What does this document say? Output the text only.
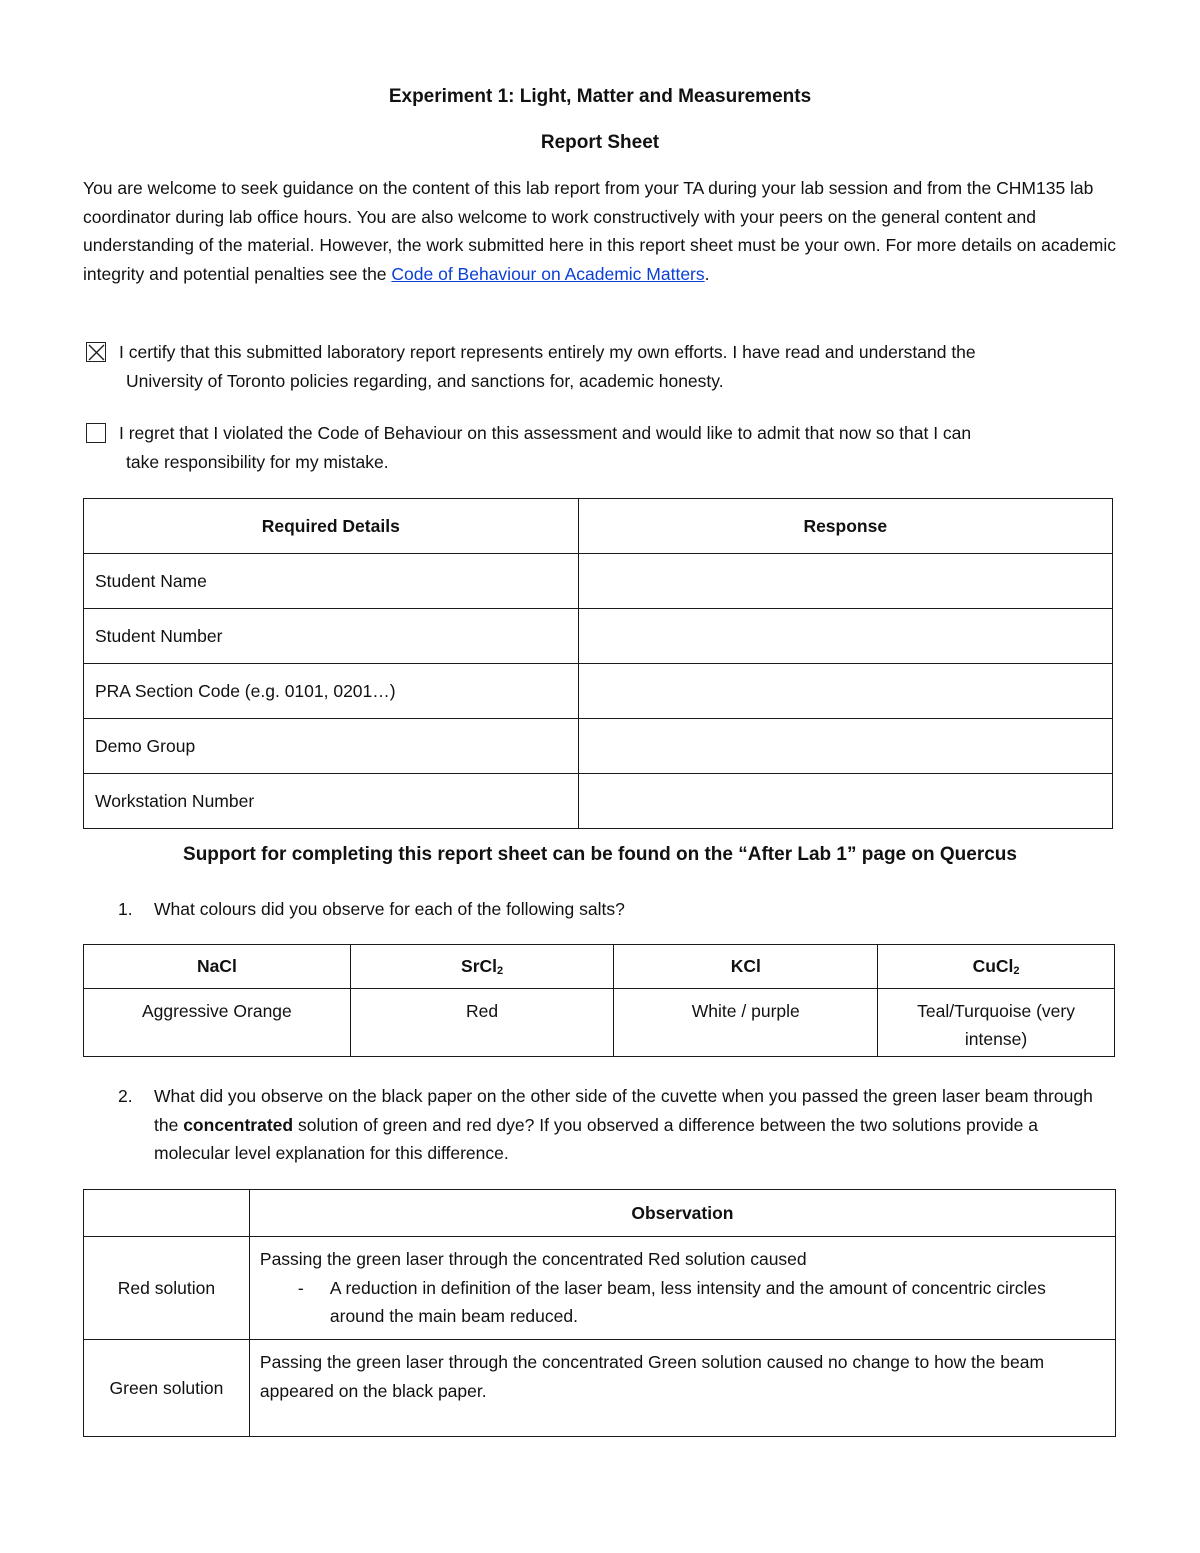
Experiment 1: Light, Matter and Measurements
Report Sheet
You are welcome to seek guidance on the content of this lab report from your TA during your lab session and from the CHM135 lab coordinator during lab office hours. You are also welcome to work constructively with your peers on the general content and understanding of the material. However, the work submitted here in this report sheet must be your own. For more details on academic integrity and potential penalties see the Code of Behaviour on Academic Matters.
I certify that this submitted laboratory report represents entirely my own efforts. I have read and understand the
University of Toronto policies regarding, and sanctions for, academic honesty.
I regret that I violated the Code of Behaviour on this assessment and would like to admit that now so that I can
take responsibility for my mistake.
Required Details	Response
Student Name	
Student Number	
PRA Section Code (e.g. 0101, 0201…)	
Demo Group	
Workstation Number	
Support for completing this report sheet can be found on the “After Lab 1” page on Quercus
1. What colours did you observe for each of the following salts?
NaCl	SrCl$_2$	KCl	CuCl$_2$
Aggressive Orange	Red	White / purple	Teal/Turquoise (very intense)
2. What did you observe on the black paper on the other side of the cuvette when you passed the green laser beam through the concentrated solution of green and red dye? If you observed a difference between the two solutions provide a molecular level explanation for this difference.
	Observation
Red solution	Passing the green laser through the concentrated Red solution caused
- A reduction in definition of the laser beam, less intensity and the amount of concentric circles around the main beam reduced.

Green solution	Passing the green laser through the concentrated Green solution caused no change to how the beam appeared on the black paper.
